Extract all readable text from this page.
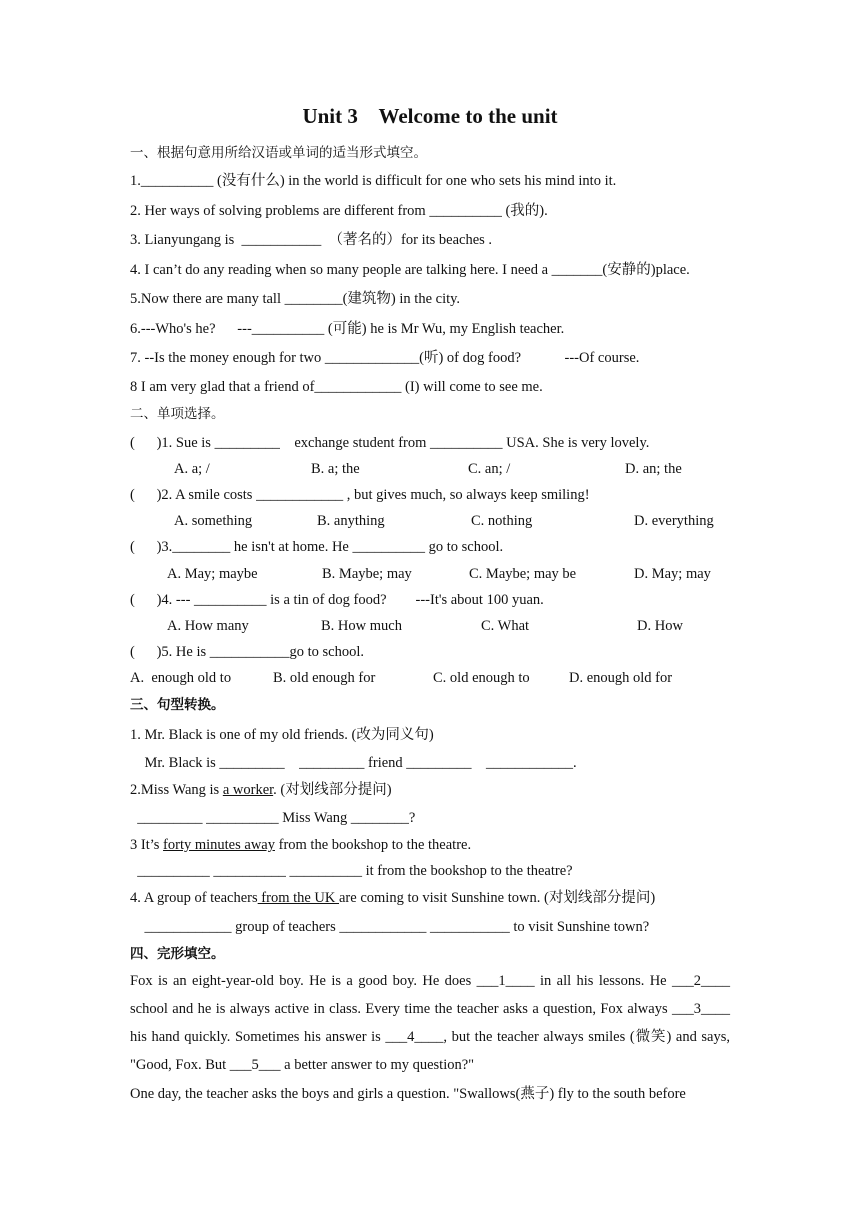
Unit 3    Welcome to the unit
一、根据句意用所给汉语或单词的适当形式填空。
1.__________ (没有什么) in the world is difficult for one who sets his mind into it.
2. Her ways of solving problems are different from __________ (我的).
3. Lianyungang is  ___________  （著名的）for its beaches .
4. I can’t do any reading when so many people are talking here. I need a _______(安静的)place.
5.Now there are many tall ________(建筑物) in the city.
6.---Who's he?      ---__________ (可能) he is Mr Wu, my English teacher.
7. --Is the money enough for two _____________(听) of dog food?            ---Of course.
8 I am very glad that a friend of____________ (I) will come to see me.
二、单项选择。
(      )1. Sue is _________    exchange student from __________ USA. She is very lovely.
A. a; /	B. a; the	C. an; /	D. an; the
(      )2. A smile costs ____________ , but gives much, so always keep smiling!
A. something	B. anything	C. nothing	D. everything
(      )3.________ he isn't at home. He __________ go to school.
A. May; maybe	B. Maybe; may	C. Maybe; may be	D. May; may
(      )4. --- __________ is a tin of dog food?        ---It's about 100 yuan.
A. How many	B. How much	C. What	D. How
(      )5. He is ___________go to school.
A.  enough old to	B. old enough for	C. old enough to	D. enough old for
三、句型转换。
1. Mr. Black is one of my old friends. (改为同义句)
Mr. Black is _________    _________ friend _________    ____________.
2.Miss Wang is a worker. (对划线部分提问)
_________ __________ Miss Wang ________?
3 It’s forty minutes away from the bookshop to the theatre.
__________ __________ __________ it from the bookshop to the theatre?
4. A group of teachers from the UK are coming to visit Sunshine town. (对划线部分提问)
____________ group of teachers ____________ ___________ to visit Sunshine town?
四、完形填空。
Fox is an eight-year-old boy. He is a good boy. He does ___1____ in all his lessons. He ___2____ school and he is always active in class. Every time the teacher asks a question, Fox always ___3____ his hand quickly. Sometimes his answer is ___4____, but the teacher always smiles (微笑) and says, "Good, Fox. But ___5___ a better answer to my question?"
One day, the teacher asks the boys and girls a question. "Swallows(燕子) fly to the south before
